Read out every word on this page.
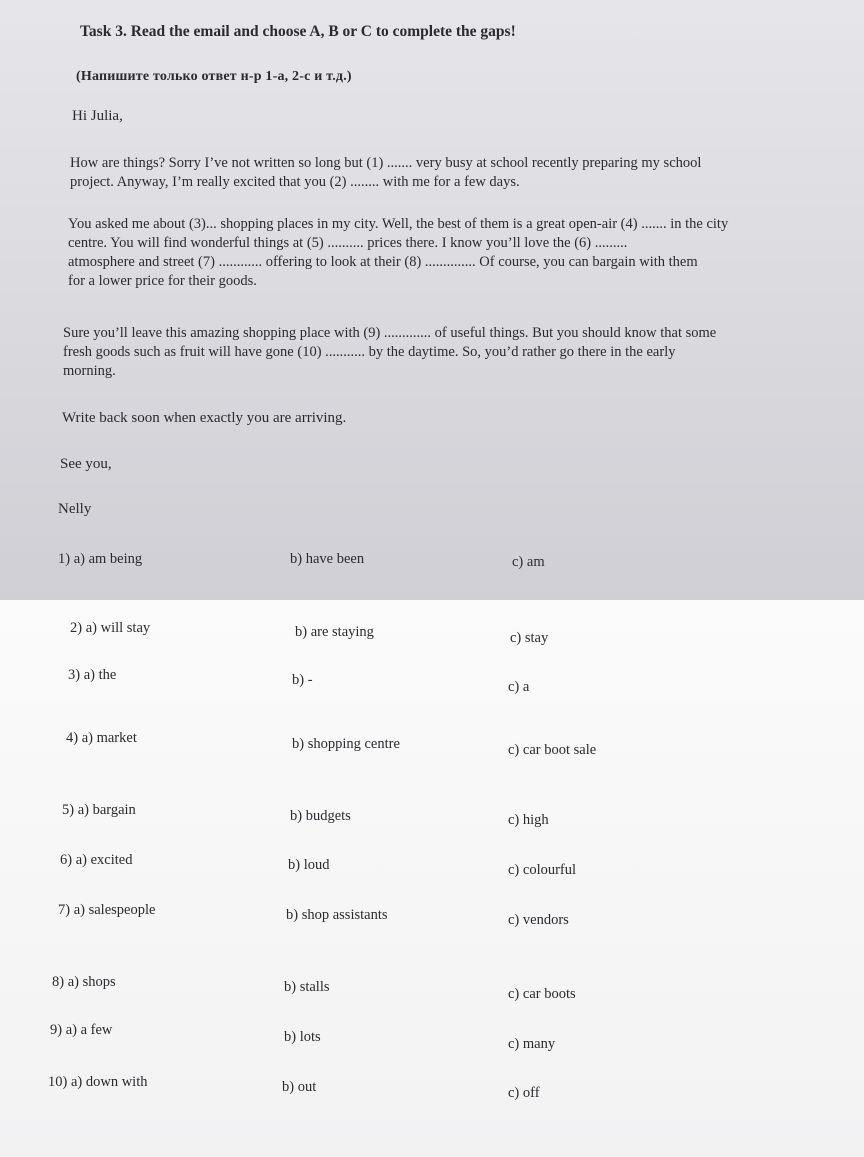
Task 3. Read the email and choose A, B or C to complete the gaps!
(Напишите только ответ н-р 1-а, 2-с и т.д.)
Hi Julia,
How are things? Sorry I’ve not written so long but (1) ....... very busy at school recently preparing my school
project. Anyway, I’m really excited that you (2) ........ with me for a few days.
You asked me about (3)... shopping places in my city. Well, the best of them is a great open-air (4) ....... in the city
centre. You will find wonderful things at (5) .......... prices there. I know you’ll love the (6) .........
atmosphere and street (7) ............ offering to look at their (8) .............. Of course, you can bargain with them
for a lower price for their goods.
Sure you’ll leave this amazing shopping place with (9) ............. of useful things. But you should know that some
fresh goods such as fruit will have gone (10) ........... by the daytime. So, you’d rather go there in the early
morning.
Write back soon when exactly you are arriving.
See you,
Nelly
1) a) am being	b) have been	c) am
2) a) will stay	b) are staying	c) stay
3) a) the	b) -	c) a
4) a) market	b) shopping centre	c) car boot sale
5) a) bargain	b) budgets	c) high
6) a) excited	b) loud	c) colourful
7) a) salespeople	b) shop assistants	c) vendors
8) a) shops	b) stalls	c) car boots
9) a) a few	b) lots	c) many
10) a) down with	b) out	c) off
